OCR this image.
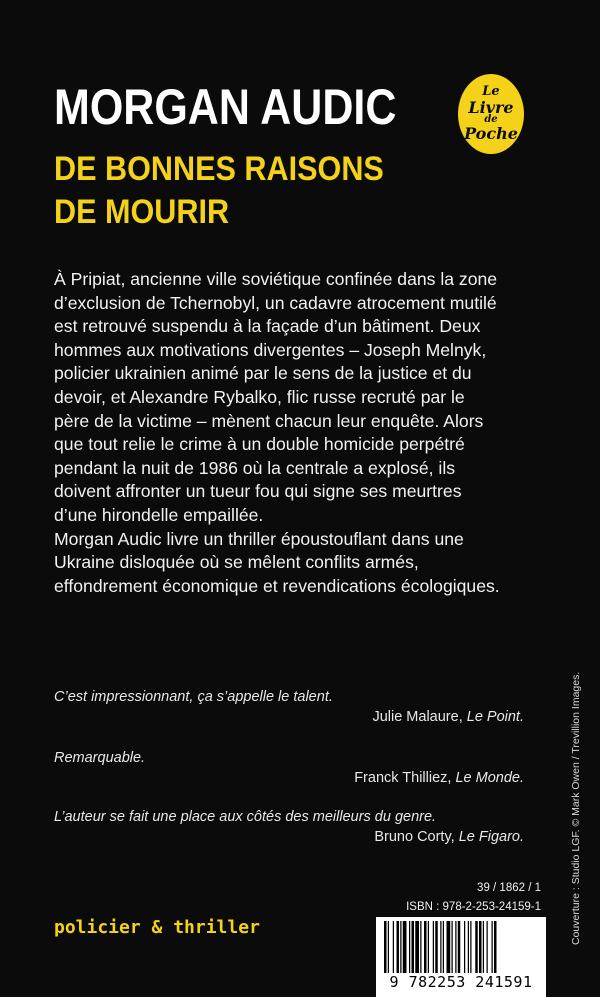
MORGAN AUDIC
DE BONNES RAISONS
DE MOURIR
Le
Livre
de
Poche

À Pripiat, ancienne ville soviétique confinée dans la zone d’exclusion de Tchernobyl, un cadavre atrocement mutilé est retrouvé suspendu à la façade d’un bâtiment. Deux hommes aux motivations divergentes – Joseph Melnyk, policier ukrainien animé par le sens de la justice et du devoir, et Alexandre Rybalko, flic russe recruté par le père de la victime – mènent chacun leur enquête. Alors que tout relie le crime à un double homicide perpétré pendant la nuit de 1986 où la centrale a explosé, ils doivent affronter un tueur fou qui signe ses meurtres d’une hirondelle empaillée.

Morgan Audic livre un thriller époustouflant dans une Ukraine disloquée où se mêlent conflits armés, effondrement économique et revendications écologiques.

C’est impressionnant, ça s’appelle le talent.
Julie Malaure, Le Point.
Remarquable.
Franck Thilliez, Le Monde.
L’auteur se fait une place aux côtés des meilleurs du genre.
Bruno Corty, Le Figaro.	Couverture : Studio LGF. © Mark Owen / Trevillion Images.
policier & thriller
39 / 1862 / 1
ISBN : 978-2-253-24159-1
9 782253 241591
